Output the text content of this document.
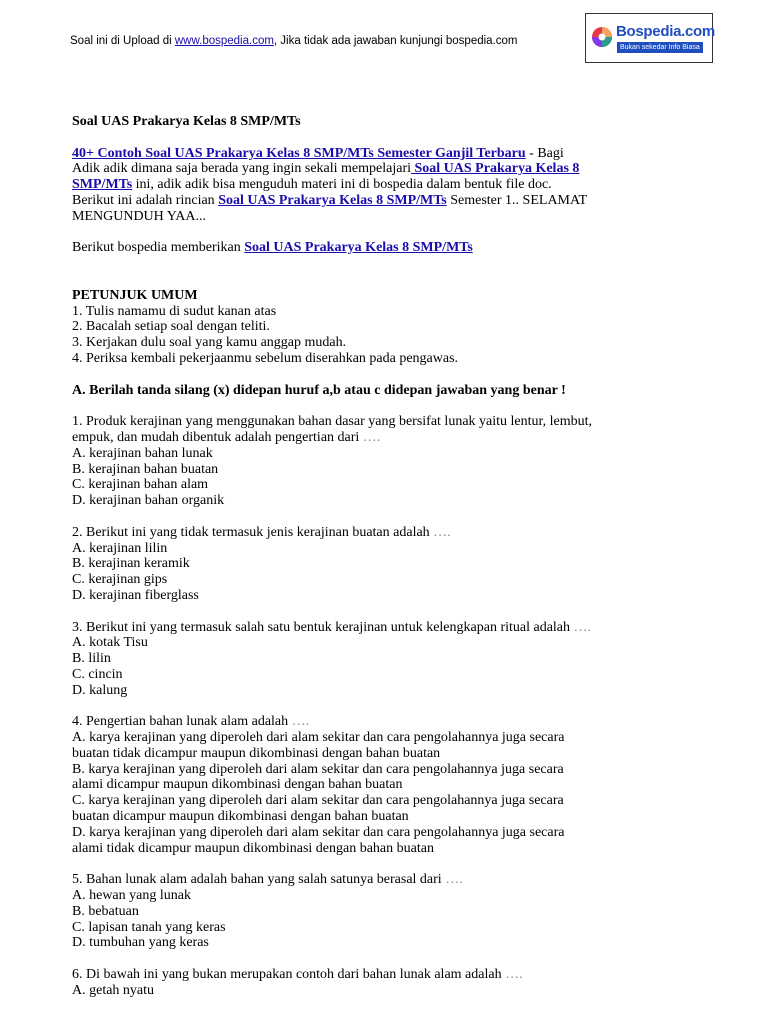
Soal ini di Upload di www.bospedia.com, Jika tidak ada jawaban kunjungi bospedia.com
Bospedia.com
Bukan sekedar Info Biasa
Soal UAS Prakarya Kelas 8 SMP/MTs
40+ Contoh Soal UAS Prakarya Kelas 8 SMP/MTs Semester Ganjil Terbaru - Bagi
Adik adik dimana saja berada yang ingin sekali mempelajari Soal UAS Prakarya Kelas 8
SMP/MTs ini, adik adik bisa menguduh materi ini di bospedia dalam bentuk file doc.
Berikut ini adalah rincian Soal UAS Prakarya Kelas 8 SMP/MTs Semester 1.. SELAMAT
MENGUNDUH YAA...
Berikut bospedia memberikan Soal UAS Prakarya Kelas 8 SMP/MTs
PETUNJUK UMUM
1. Tulis namamu di sudut kanan atas
2. Bacalah setiap soal dengan teliti.
3. Kerjakan dulu soal yang kamu anggap mudah.
4. Periksa kembali pekerjaanmu sebelum diserahkan pada pengawas.
A. Berilah tanda silang (x) didepan huruf a,b atau c didepan jawaban yang benar !
1. Produk kerajinan yang menggunakan bahan dasar yang bersifat lunak yaitu lentur, lembut,
empuk, dan mudah dibentuk adalah pengertian dari ….
A. kerajinan bahan lunak
B. kerajinan bahan buatan
C. kerajinan bahan alam
D. kerajinan bahan organik
2. Berikut ini yang tidak termasuk jenis kerajinan buatan adalah ….
A. kerajinan lilin
B. kerajinan keramik
C. kerajinan gips
D. kerajinan fiberglass
3. Berikut ini yang termasuk salah satu bentuk kerajinan untuk kelengkapan ritual adalah ….
A. kotak Tisu
B. lilin
C. cincin
D. kalung
4. Pengertian bahan lunak alam adalah ….
A. karya kerajinan yang diperoleh dari alam sekitar dan cara pengolahannya juga secara
buatan tidak dicampur maupun dikombinasi dengan bahan buatan
B. karya kerajinan yang diperoleh dari alam sekitar dan cara pengolahannya juga secara
alami dicampur maupun dikombinasi dengan bahan buatan
C. karya kerajinan yang diperoleh dari alam sekitar dan cara pengolahannya juga secara
buatan dicampur maupun dikombinasi dengan bahan buatan
D. karya kerajinan yang diperoleh dari alam sekitar dan cara pengolahannya juga secara
alami tidak dicampur maupun dikombinasi dengan bahan buatan
5. Bahan lunak alam adalah bahan yang salah satunya berasal dari ….
A. hewan yang lunak
B. bebatuan
C. lapisan tanah yang keras
D. tumbuhan yang keras
6. Di bawah ini yang bukan merupakan contoh dari bahan lunak alam adalah ….
A. getah nyatu
